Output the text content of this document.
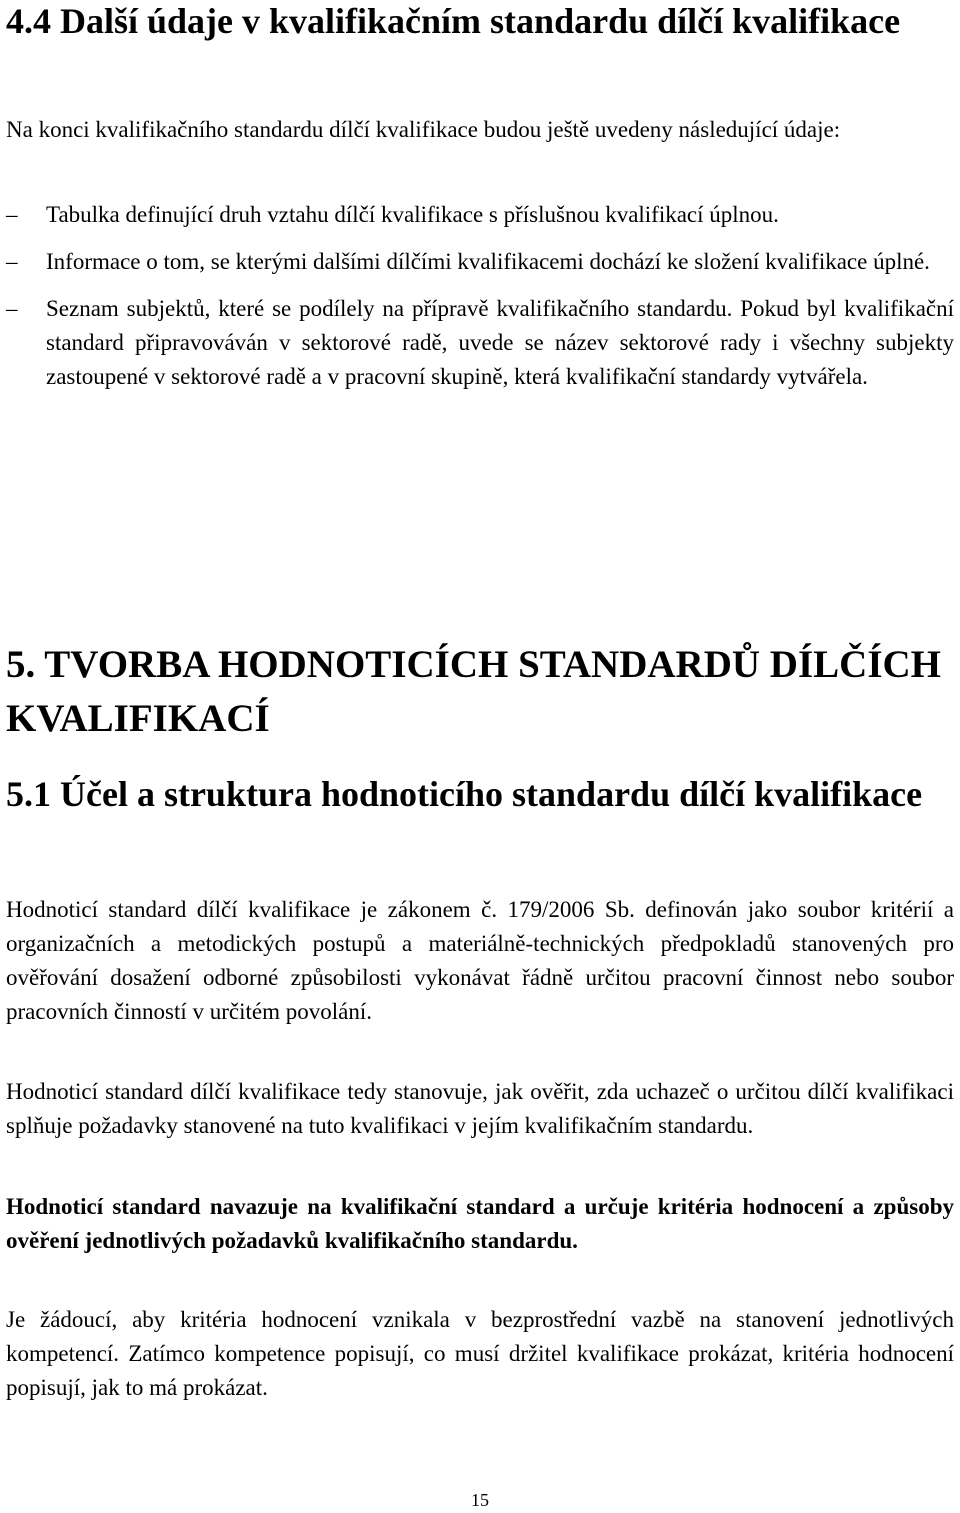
4.4 Další údaje v kvalifikačním standardu dílčí kvalifikace

Na konci kvalifikačního standardu dílčí kvalifikace budou ještě uvedeny následující údaje:

– Tabulka definující druh vztahu dílčí kvalifikace s příslušnou kvalifikací úplnou.

– Informace o tom, se kterými dalšími dílčími kvalifikacemi dochází ke složení kvalifikace úplné.

– Seznam subjektů, které se podílely na přípravě kvalifikačního standardu. Pokud byl kvalifikační standard připravováván v sektorové radě, uvede se název sektorové rady i všechny subjekty zastoupené v sektorové radě a v pracovní skupině, která kvalifikační standardy vytvářela.

5. TVORBA HODNOTICÍCH STANDARDŮ DÍLČÍCH KVALIFIKACÍ
5.1 Účel a struktura hodnoticího standardu dílčí kvalifikace

Hodnoticí standard dílčí kvalifikace je zákonem č. 179/2006 Sb. definován jako soubor kritérií a organizačních a metodických postupů a materiálně-technických předpokladů stanovených pro ověřování dosažení odborné způsobilosti vykonávat řádně určitou pracovní činnost nebo soubor pracovních činností v určitém povolání.

Hodnoticí standard dílčí kvalifikace tedy stanovuje, jak ověřit, zda uchazeč o určitou dílčí kvalifikaci splňuje požadavky stanovené na tuto kvalifikaci v jejím kvalifikačním standardu.

Hodnoticí standard navazuje na kvalifikační standard a určuje kritéria hodnocení a způsoby ověření jednotlivých požadavků kvalifikačního standardu.

Je žádoucí, aby kritéria hodnocení vznikala v bezprostřední vazbě na stanovení jednotlivých kompetencí. Zatímco kompetence popisují, co musí držitel kvalifikace prokázat, kritéria hodnocení popisují, jak to má prokázat.

15
